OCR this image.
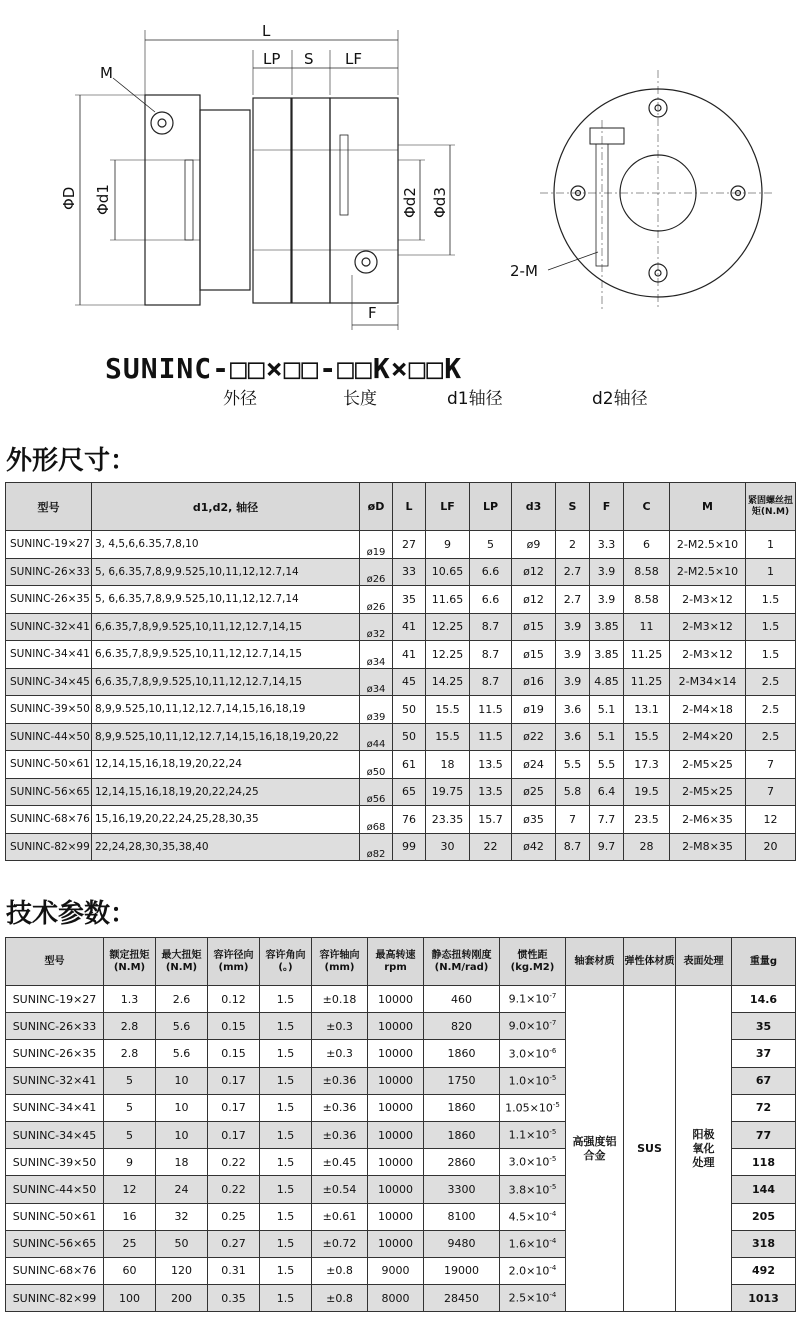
L
LP S LF
M
ΦD Φd1	Φd2 Φd3
F
2-M
SUNINC-□□×□□-□□K×□□K
外径	长度	d1轴径	d2轴径
外形尺寸：
型号	d1,d2, 轴径	øD	L	LF	LP	d3	S	F	C	M	紧固螺丝扭矩(N.M)
SUNINC-19×27	3, 4,5,6,6.35,7,8,10	ø19	27	9	5	ø9	2	3.3	6	2-M2.5×10	1
SUNINC-26×33	5, 6,6.35,7,8,9,9.525,10,11,12,12.7,14	ø26	33	10.65	6.6	ø12	2.7	3.9	8.58	2-M2.5×10	1
SUNINC-26×35	5, 6,6.35,7,8,9,9.525,10,11,12,12.7,14	ø26	35	11.65	6.6	ø12	2.7	3.9	8.58	2-M3×12	1.5
SUNINC-32×41	6,6.35,7,8,9,9.525,10,11,12,12.7,14,15	ø32	41	12.25	8.7	ø15	3.9	3.85	11	2-M3×12	1.5
SUNINC-34×41	6,6.35,7,8,9,9.525,10,11,12,12.7,14,15	ø34	41	12.25	8.7	ø15	3.9	3.85	11.25	2-M3×12	1.5
SUNINC-34×45	6,6.35,7,8,9,9.525,10,11,12,12.7,14,15	ø34	45	14.25	8.7	ø16	3.9	4.85	11.25	2-M34×14	2.5
SUNINC-39×50	8,9,9.525,10,11,12,12.7,14,15,16,18,19	ø39	50	15.5	11.5	ø19	3.6	5.1	13.1	2-M4×18	2.5
SUNINC-44×50	8,9,9.525,10,11,12,12.7,14,15,16,18,19,20,22	ø44	50	15.5	11.5	ø22	3.6	5.1	15.5	2-M4×20	2.5
SUNINC-50×61	12,14,15,16,18,19,20,22,24	ø50	61	18	13.5	ø24	5.5	5.5	17.3	2-M5×25	7
SUNINC-56×65	12,14,15,16,18,19,20,22,24,25	ø56	65	19.75	13.5	ø25	5.8	6.4	19.5	2-M5×25	7
SUNINC-68×76	15,16,19,20,22,24,25,28,30,35	ø68	76	23.35	15.7	ø35	7	7.7	23.5	2-M6×35	12
SUNINC-82×99	22,24,28,30,35,38,40	ø82	99	30	22	ø42	8.7	9.7	28	2-M8×35	20
技术参数：
型号	额定扭矩(N.M)	最大扭矩(N.M)	容许径向(mm)	容许角向(。)	容许轴向(mm)	最高转速rpm	静态扭转刚度(N.M/rad)	惯性距(kg.M2)	轴套材质	弹性体材质	表面处理	重量g
SUNINC-19×27	1.3	2.6	0.12	1.5	±0.18	10000	460	$9.1\times 10^{-7}$	高强度铝合金	SUS	阳极氧化处理	14.6
SUNINC-26×33	2.8	5.6	0.15	1.5	±0.3	10000	820	$9.0\times 10^{-7}$				35
SUNINC-26×35	2.8	5.6	0.15	1.5	±0.3	10000	1860	$3.0\times 10^{-6}$				37
SUNINC-32×41	5	10	0.17	1.5	±0.36	10000	1750	$1.0\times 10^{-5}$				67
SUNINC-34×41	5	10	0.17	1.5	±0.36	10000	1860	$1.05\times 10^{-5}$				72
SUNINC-34×45	5	10	0.17	1.5	±0.36	10000	1860	$1.1\times 10^{-5}$				77
SUNINC-39×50	9	18	0.22	1.5	±0.45	10000	2860	$3.0\times 10^{-5}$				118
SUNINC-44×50	12	24	0.22	1.5	±0.54	10000	3300	$3.8\times 10^{-5}$				144
SUNINC-50×61	16	32	0.25	1.5	±0.61	10000	8100	$4.5\times 10^{-4}$				205
SUNINC-56×65	25	50	0.27	1.5	±0.72	10000	9480	$1.6\times 10^{-4}$				318
SUNINC-68×76	60	120	0.31	1.5	±0.8	9000	19000	$2.0\times 10^{-4}$				492
SUNINC-82×99	100	200	0.35	1.5	±0.8	8000	28450	$2.5\times 10^{-4}$				1013
